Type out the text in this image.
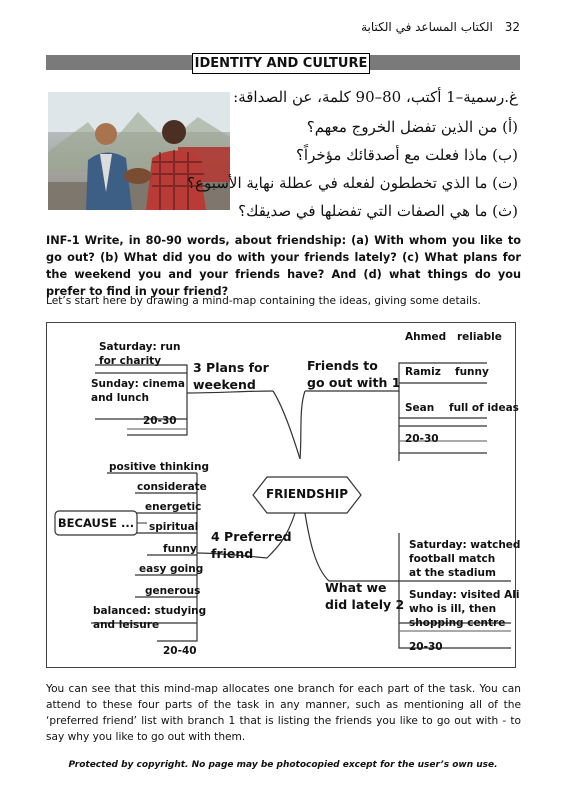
32 الكتاب المساعد في الكتابة
IDENTITY AND CULTURE
غ.رسمية–1 أكتب، 80–90 كلمة، عن الصداقة:
(أ) من الذين تفضل الخروج معهم؟
(ب) ماذا فعلت مع أصدقائك مؤخراً؟
(ت) ما الذي تخططون لفعله في عطلة نهاية الأسبوع؟
(ث) ما هي الصفات التي تفضلها في صديقك؟
INF-1 Write, in 80-90 words, about friendship: (a) With whom you like to go out? (b) What did you do with your friends lately? (c) What plans for the weekend you and your friends have? And (d) what things do you prefer to find in your friend?
Let’s start here by drawing a mind-map containing the ideas, giving some details.
FRIENDSHIP
BECAUSE ...
Friends to
go out with 1
Ahmed reliable
Ramiz funny
Sean full of ideas
20-30
3 Plans for
weekend
Saturday: run
for charity
Sunday: cinema
and lunch
20-30
4 Preferred
friend
positive thinking
considerate
energetic
spiritual
funny
easy going
generous
balanced: studying
and leisure
20-40
What we
did lately 2
Saturday: watched
football match
at the stadium
Sunday: visited Ali
who is ill, then
shopping centre
20-30
You can see that this mind-map allocates one branch for each part of the task. You can attend to these four parts of the task in any manner, such as mentioning all of the ‘preferred friend’ list with branch 1 that is listing the friends you like to go out with - to say why you like to go out with them.
Protected by copyright. No page may be photocopied except for the user’s own use.
